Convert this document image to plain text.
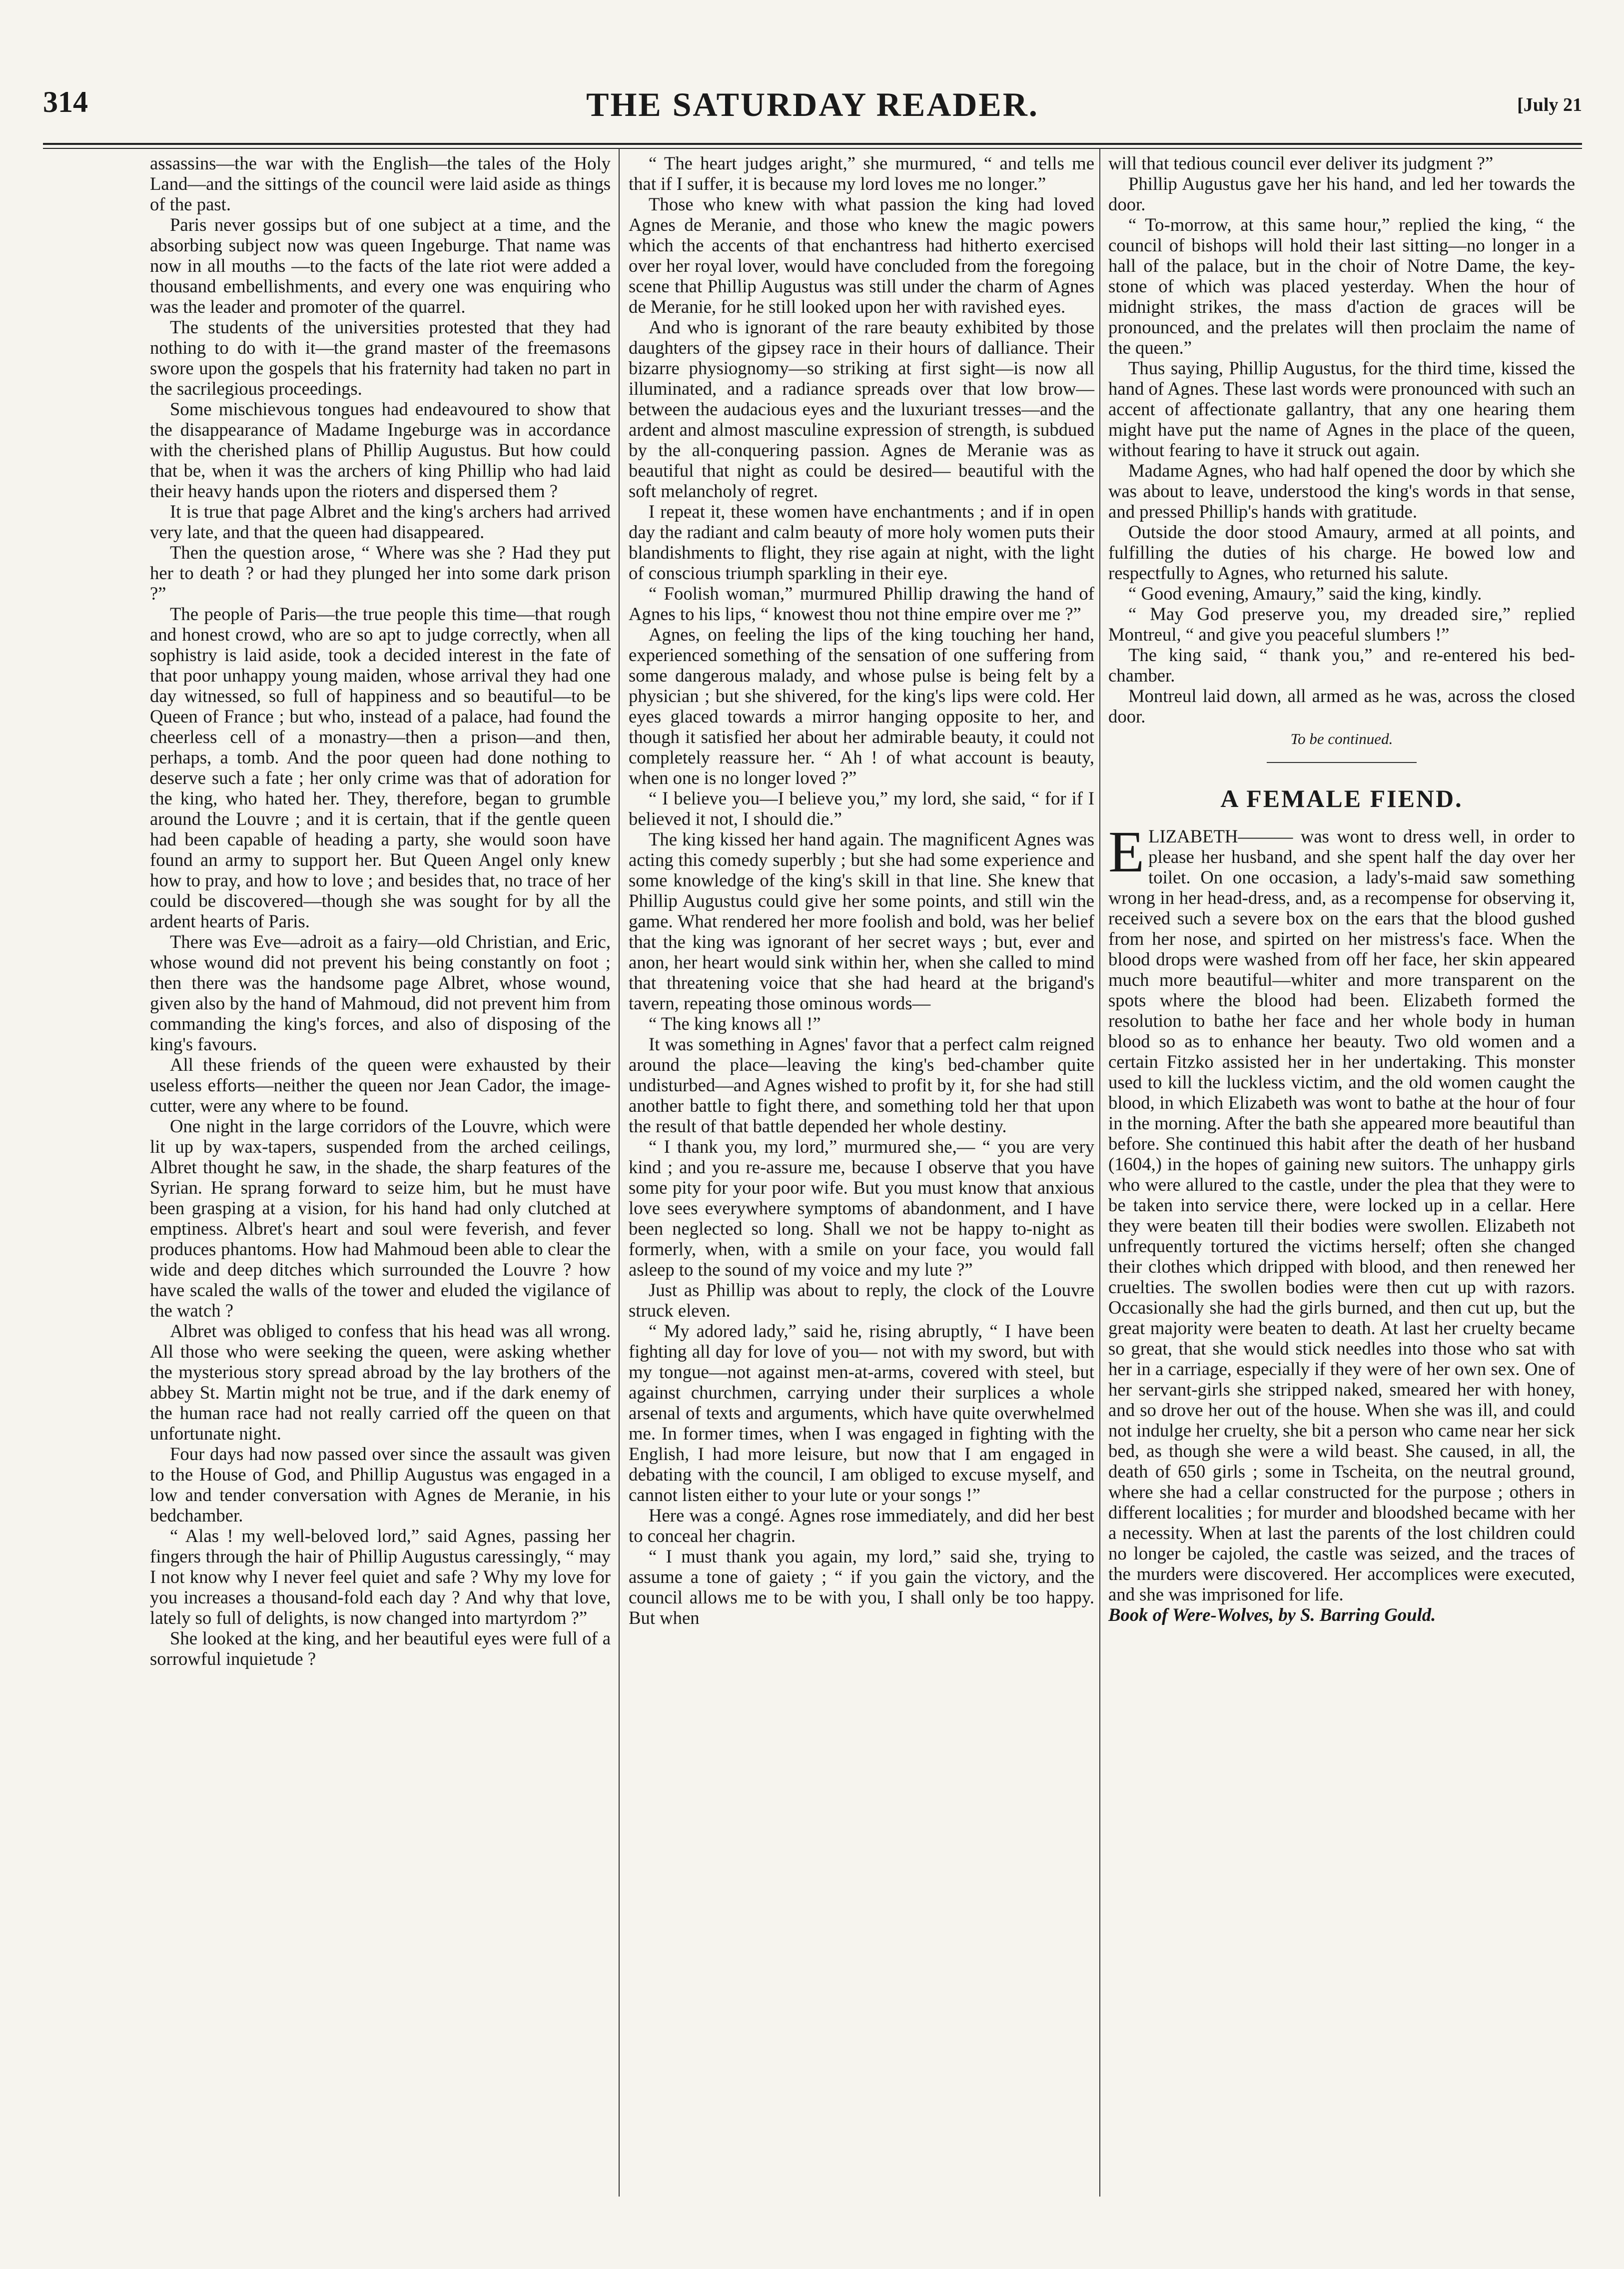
314	THE SATURDAY READER.	[July 21

assassins—the war with the English—the tales of the Holy Land—and the sittings of the council were laid aside as things of the past.

Paris never gossips but of one subject at a time, and the absorbing subject now was queen Ingeburge. That name was now in all mouths —to the facts of the late riot were added a thousand embellishments, and every one was enquiring who was the leader and promoter of the quarrel.

The students of the universities protested that they had nothing to do with it—the grand master of the freemasons swore upon the gospels that his fraternity had taken no part in the sacrilegious proceedings.

Some mischievous tongues had endeavoured to show that the disappearance of Madame Ingeburge was in accordance with the cherished plans of Phillip Augustus. But how could that be, when it was the archers of king Phillip who had laid their heavy hands upon the rioters and dispersed them ?

It is true that page Albret and the king's archers had arrived very late, and that the queen had disappeared.

Then the question arose, “ Where was she ? Had they put her to death ? or had they plunged her into some dark prison ?”

The people of Paris—the true people this time—that rough and honest crowd, who are so apt to judge correctly, when all sophistry is laid aside, took a decided interest in the fate of that poor unhappy young maiden, whose arrival they had one day witnessed, so full of happiness and so beautiful—to be Queen of France ; but who, instead of a palace, had found the cheerless cell of a monastry—then a prison—and then, perhaps, a tomb. And the poor queen had done nothing to deserve such a fate ; her only crime was that of adoration for the king, who hated her. They, therefore, began to grumble around the Louvre ; and it is certain, that if the gentle queen had been capable of heading a party, she would soon have found an army to support her. But Queen Angel only knew how to pray, and how to love ; and besides that, no trace of her could be discovered—though she was sought for by all the ardent hearts of Paris.

There was Eve—adroit as a fairy—old Christian, and Eric, whose wound did not prevent his being constantly on foot ; then there was the handsome page Albret, whose wound, given also by the hand of Mahmoud, did not prevent him from commanding the king's forces, and also of disposing of the king's favours.

All these friends of the queen were exhausted by their useless efforts—neither the queen nor Jean Cador, the image-cutter, were any where to be found.

One night in the large corridors of the Louvre, which were lit up by wax-tapers, suspended from the arched ceilings, Albret thought he saw, in the shade, the sharp features of the Syrian. He sprang forward to seize him, but he must have been grasping at a vision, for his hand had only clutched at emptiness. Albret's heart and soul were feverish, and fever produces phantoms. How had Mahmoud been able to clear the wide and deep ditches which surrounded the Louvre ? how have scaled the walls of the tower and eluded the vigilance of the watch ?

Albret was obliged to confess that his head was all wrong. All those who were seeking the queen, were asking whether the mysterious story spread abroad by the lay brothers of the abbey St. Martin might not be true, and if the dark enemy of the human race had not really carried off the queen on that unfortunate night.

Four days had now passed over since the assault was given to the House of God, and Phillip Augustus was engaged in a low and tender conversation with Agnes de Meranie, in his bedchamber.

“ Alas ! my well-beloved lord,” said Agnes, passing her fingers through the hair of Phillip Augustus caressingly, “ may I not know why I never feel quiet and safe ? Why my love for you increases a thousand-fold each day ? And why that love, lately so full of delights, is now changed into martyrdom ?”

She looked at the king, and her beautiful eyes were full of a sorrowful inquietude ?

“ The heart judges aright,” she murmured, “ and tells me that if I suffer, it is because my lord loves me no longer.”

Those who knew with what passion the king had loved Agnes de Meranie, and those who knew the magic powers which the accents of that enchantress had hitherto exercised over her royal lover, would have concluded from the foregoing scene that Phillip Augustus was still under the charm of Agnes de Meranie, for he still looked upon her with ravished eyes.

And who is ignorant of the rare beauty exhibited by those daughters of the gipsey race in their hours of dalliance. Their bizarre physiognomy—so striking at first sight—is now all illuminated, and a radiance spreads over that low brow—between the audacious eyes and the luxuriant tresses—and the ardent and almost masculine expression of strength, is subdued by the all-conquering passion. Agnes de Meranie was as beautiful that night as could be desired— beautiful with the soft melancholy of regret.

I repeat it, these women have enchantments ; and if in open day the radiant and calm beauty of more holy women puts their blandishments to flight, they rise again at night, with the light of conscious triumph sparkling in their eye.

“ Foolish woman,” murmured Phillip drawing the hand of Agnes to his lips, “ knowest thou not thine empire over me ?”

Agnes, on feeling the lips of the king touching her hand, experienced something of the sensation of one suffering from some dangerous malady, and whose pulse is being felt by a physician ; but she shivered, for the king's lips were cold. Her eyes glaced towards a mirror hanging opposite to her, and though it satisfied her about her admirable beauty, it could not completely reassure her. “ Ah ! of what account is beauty, when one is no longer loved ?”

“ I believe you—I believe you,” my lord, she said, “ for if I believed it not, I should die.”

The king kissed her hand again. The magnificent Agnes was acting this comedy superbly ; but she had some experience and some knowledge of the king's skill in that line. She knew that Phillip Augustus could give her some points, and still win the game. What rendered her more foolish and bold, was her belief that the king was ignorant of her secret ways ; but, ever and anon, her heart would sink within her, when she called to mind that threatening voice that she had heard at the brigand's tavern, repeating those ominous words—

“ The king knows all !”

It was something in Agnes' favor that a perfect calm reigned around the place—leaving the king's bed-chamber quite undisturbed—and Agnes wished to profit by it, for she had still another battle to fight there, and something told her that upon the result of that battle depended her whole destiny.

“ I thank you, my lord,” murmured she,— “ you are very kind ; and you re-assure me, because I observe that you have some pity for your poor wife. But you must know that anxious love sees everywhere symptoms of abandonment, and I have been neglected so long. Shall we not be happy to-night as formerly, when, with a smile on your face, you would fall asleep to the sound of my voice and my lute ?”

Just as Phillip was about to reply, the clock of the Louvre struck eleven.

“ My adored lady,” said he, rising abruptly, “ I have been fighting all day for love of you— not with my sword, but with my tongue—not against men-at-arms, covered with steel, but against churchmen, carrying under their surplices a whole arsenal of texts and arguments, which have quite overwhelmed me. In former times, when I was engaged in fighting with the English, I had more leisure, but now that I am engaged in debating with the council, I am obliged to excuse myself, and cannot listen either to your lute or your songs !”

Here was a congé. Agnes rose immediately, and did her best to conceal her chagrin.

“ I must thank you again, my lord,” said she, trying to assume a tone of gaiety ; “ if you gain the victory, and the council allows me to be with you, I shall only be too happy. But when

will that tedious council ever deliver its judgment ?”

Phillip Augustus gave her his hand, and led her towards the door.

“ To-morrow, at this same hour,” replied the king, “ the council of bishops will hold their last sitting—no longer in a hall of the palace, but in the choir of Notre Dame, the key-stone of which was placed yesterday. When the hour of midnight strikes, the mass d'action de graces will be pronounced, and the prelates will then proclaim the name of the queen.”

Thus saying, Phillip Augustus, for the third time, kissed the hand of Agnes. These last words were pronounced with such an accent of affectionate gallantry, that any one hearing them might have put the name of Agnes in the place of the queen, without fearing to have it struck out again.

Madame Agnes, who had half opened the door by which she was about to leave, understood the king's words in that sense, and pressed Phillip's hands with gratitude.

Outside the door stood Amaury, armed at all points, and fulfilling the duties of his charge. He bowed low and respectfully to Agnes, who returned his salute.

“ Good evening, Amaury,” said the king, kindly.

“ May God preserve you, my dreaded sire,” replied Montreul, “ and give you peaceful slumbers !”

The king said, “ thank you,” and re-entered his bed-chamber.

Montreul laid down, all armed as he was, across the closed door.

To be continued.

A FEMALE FIEND.

ELIZABETH——— was wont to dress well, in order to please her husband, and she spent half the day over her toilet. On one occasion, a lady's-maid saw something wrong in her head-dress, and, as a recompense for observing it, received such a severe box on the ears that the blood gushed from her nose, and spirted on her mistress's face. When the blood drops were washed from off her face, her skin appeared much more beautiful—whiter and more transparent on the spots where the blood had been. Elizabeth formed the resolution to bathe her face and her whole body in human blood so as to enhance her beauty. Two old women and a certain Fitzko assisted her in her undertaking. This monster used to kill the luckless victim, and the old women caught the blood, in which Elizabeth was wont to bathe at the hour of four in the morning. After the bath she appeared more beautiful than before. She continued this habit after the death of her husband (1604,) in the hopes of gaining new suitors. The unhappy girls who were allured to the castle, under the plea that they were to be taken into service there, were locked up in a cellar. Here they were beaten till their bodies were swollen. Elizabeth not unfrequently tortured the victims herself; often she changed their clothes which dripped with blood, and then renewed her cruelties. The swollen bodies were then cut up with razors. Occasionally she had the girls burned, and then cut up, but the great majority were beaten to death. At last her cruelty became so great, that she would stick needles into those who sat with her in a carriage, especially if they were of her own sex. One of her servant-girls she stripped naked, smeared her with honey, and so drove her out of the house. When she was ill, and could not indulge her cruelty, she bit a person who came near her sick bed, as though she were a wild beast. She caused, in all, the death of 650 girls ; some in Tscheita, on the neutral ground, where she had a cellar constructed for the purpose ; others in different localities ; for murder and bloodshed became with her a necessity. When at last the parents of the lost children could no longer be cajoled, the castle was seized, and the traces of the murders were discovered. Her accomplices were executed, and she was imprisoned for life.

Book of Were-Wolves, by S. Barring Gould.
